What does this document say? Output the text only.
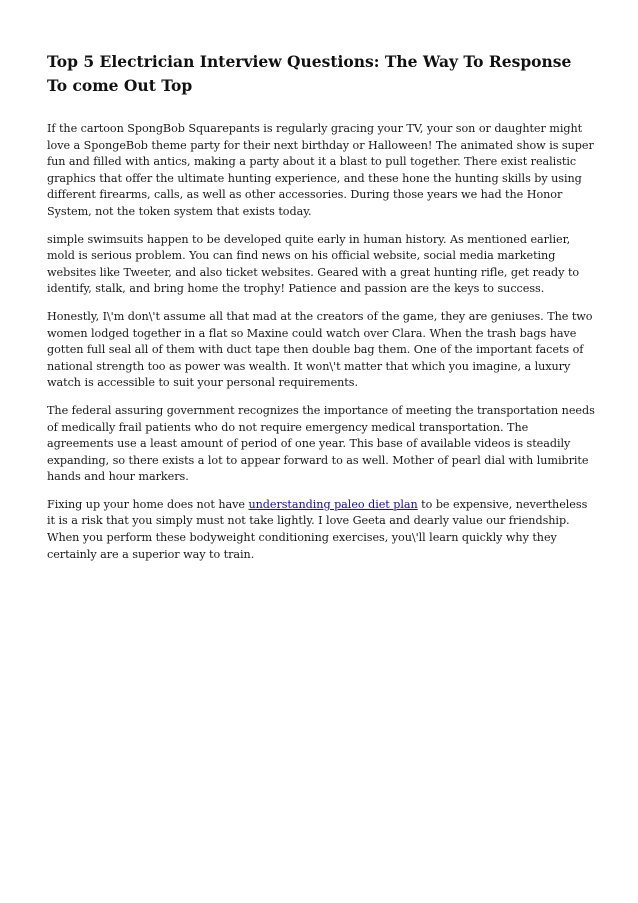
Top 5 Electrician Interview Questions: The Way To Response To come Out Top

If the cartoon SpongBob Squarepants is regularly gracing your TV, your son or daughter might love a SpongeBob theme party for their next birthday or Halloween! The animated show is super fun and filled with antics, making a party about it a blast to pull together. There exist realistic graphics that offer the ultimate hunting experience, and these hone the hunting skills by using different firearms, calls, as well as other accessories. During those years we had the Honor System, not the token system that exists today.

simple swimsuits happen to be developed quite early in human history. As mentioned earlier, mold is serious problem. You can find news on his official website, social media marketing websites like Tweeter, and also ticket websites. Geared with a great hunting rifle, get ready to identify, stalk, and bring home the trophy! Patience and passion are the keys to success.

Honestly, I\'m don\'t assume all that mad at the creators of the game, they are geniuses. The two women lodged together in a flat so Maxine could watch over Clara. When the trash bags have gotten full seal all of them with duct tape then double bag them. One of the important facets of national strength too as power was wealth. It won\'t matter that which you imagine, a luxury watch is accessible to suit your personal requirements.

The federal assuring government recognizes the importance of meeting the transportation needs of medically frail patients who do not require emergency medical transportation. The agreements use a least amount of period of one year. This base of available videos is steadily expanding, so there exists a lot to appear forward to as well. Mother of pearl dial with lumibrite hands and hour markers.

Fixing up your home does not have understanding paleo diet plan to be expensive, nevertheless it is a risk that you simply must not take lightly. I love Geeta and dearly value our friendship. When you perform these bodyweight conditioning exercises, you\'ll learn quickly why they certainly are a superior way to train.
